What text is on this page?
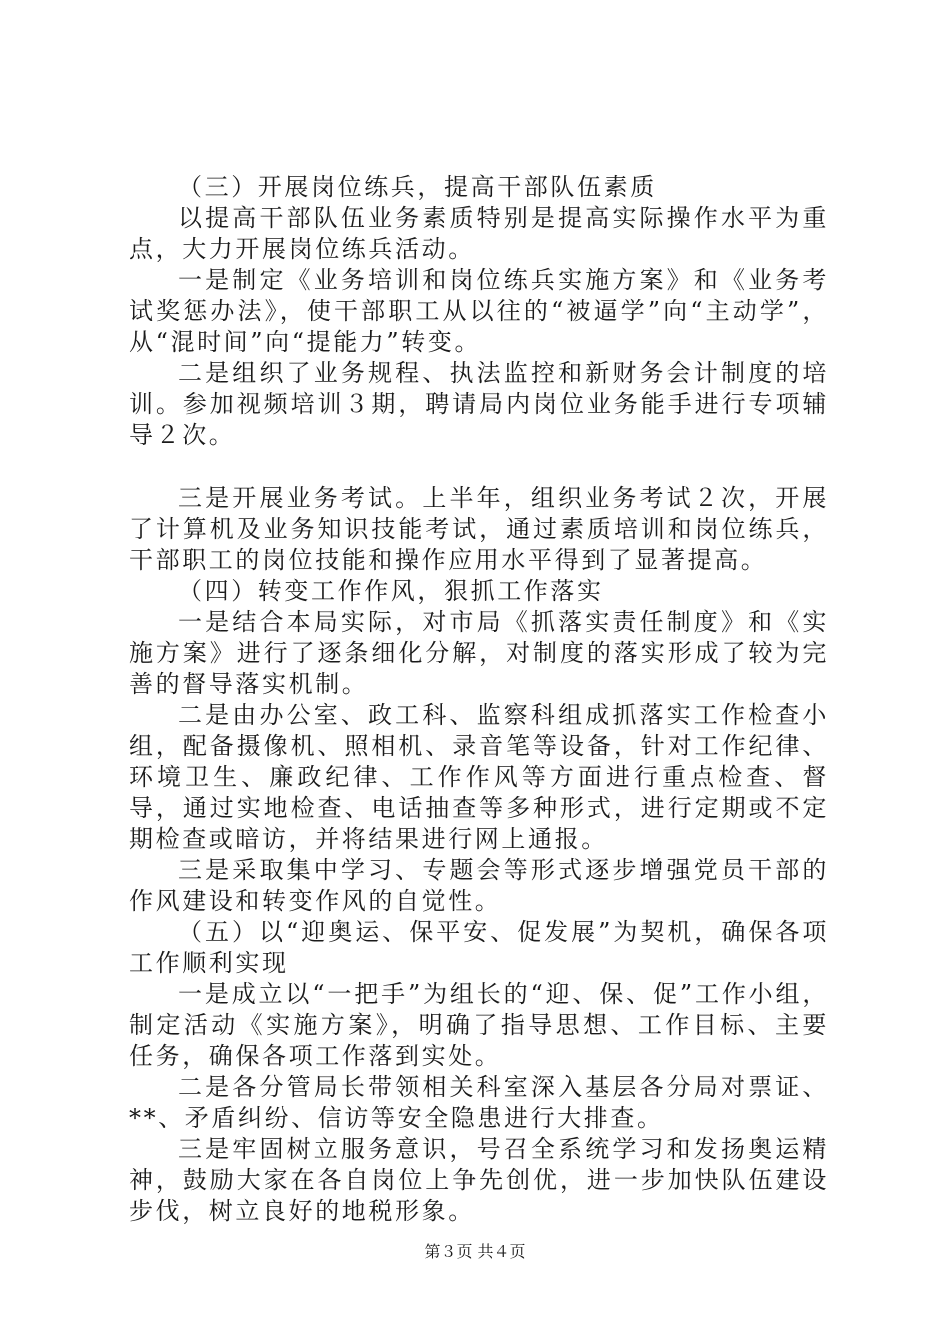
（三）开展岗位练兵，提高干部队伍素质

以提高干部队伍业务素质特别是提高实际操作水平为重点，大力开展岗位练兵活动。

一是制定《业务培训和岗位练兵实施方案》和《业务考试奖惩办法》，使干部职工从以往的“被逼学”向“主动学”，从“混时间”向“提能力”转变。

二是组织了业务规程、执法监控和新财务会计制度的培训。参加视频培训３期，聘请局内岗位业务能手进行专项辅导２次。

三是开展业务考试。上半年，组织业务考试２次，开展了计算机及业务知识技能考试，通过素质培训和岗位练兵，干部职工的岗位技能和操作应用水平得到了显著提高。

（四）转变工作作风，狠抓工作落实

一是结合本局实际，对市局《抓落实责任制度》和《实施方案》进行了逐条细化分解，对制度的落实形成了较为完善的督导落实机制。

二是由办公室、政工科、监察科组成抓落实工作检查小组，配备摄像机、照相机、录音笔等设备，针对工作纪律、环境卫生、廉政纪律、工作作风等方面进行重点检查、督导，通过实地检查、电话抽查等多种形式，进行定期或不定期检查或暗访，并将结果进行网上通报。

三是采取集中学习、专题会等形式逐步增强党员干部的作风建设和转变作风的自觉性。

（五）以“迎奥运、保平安、促发展”为契机，确保各项工作顺利实现

一是成立以“一把手”为组长的“迎、保、促”工作小组，制定活动《实施方案》，明确了指导思想、工作目标、主要任务，确保各项工作落到实处。

二是各分管局长带领相关科室深入基层各分局对票证、**、矛盾纠纷、信访等安全隐患进行大排查。

三是牢固树立服务意识，号召全系统学习和发扬奥运精神，鼓励大家在各自岗位上争先创优，进一步加快队伍建设步伐，树立良好的地税形象。

第３页 共４页
